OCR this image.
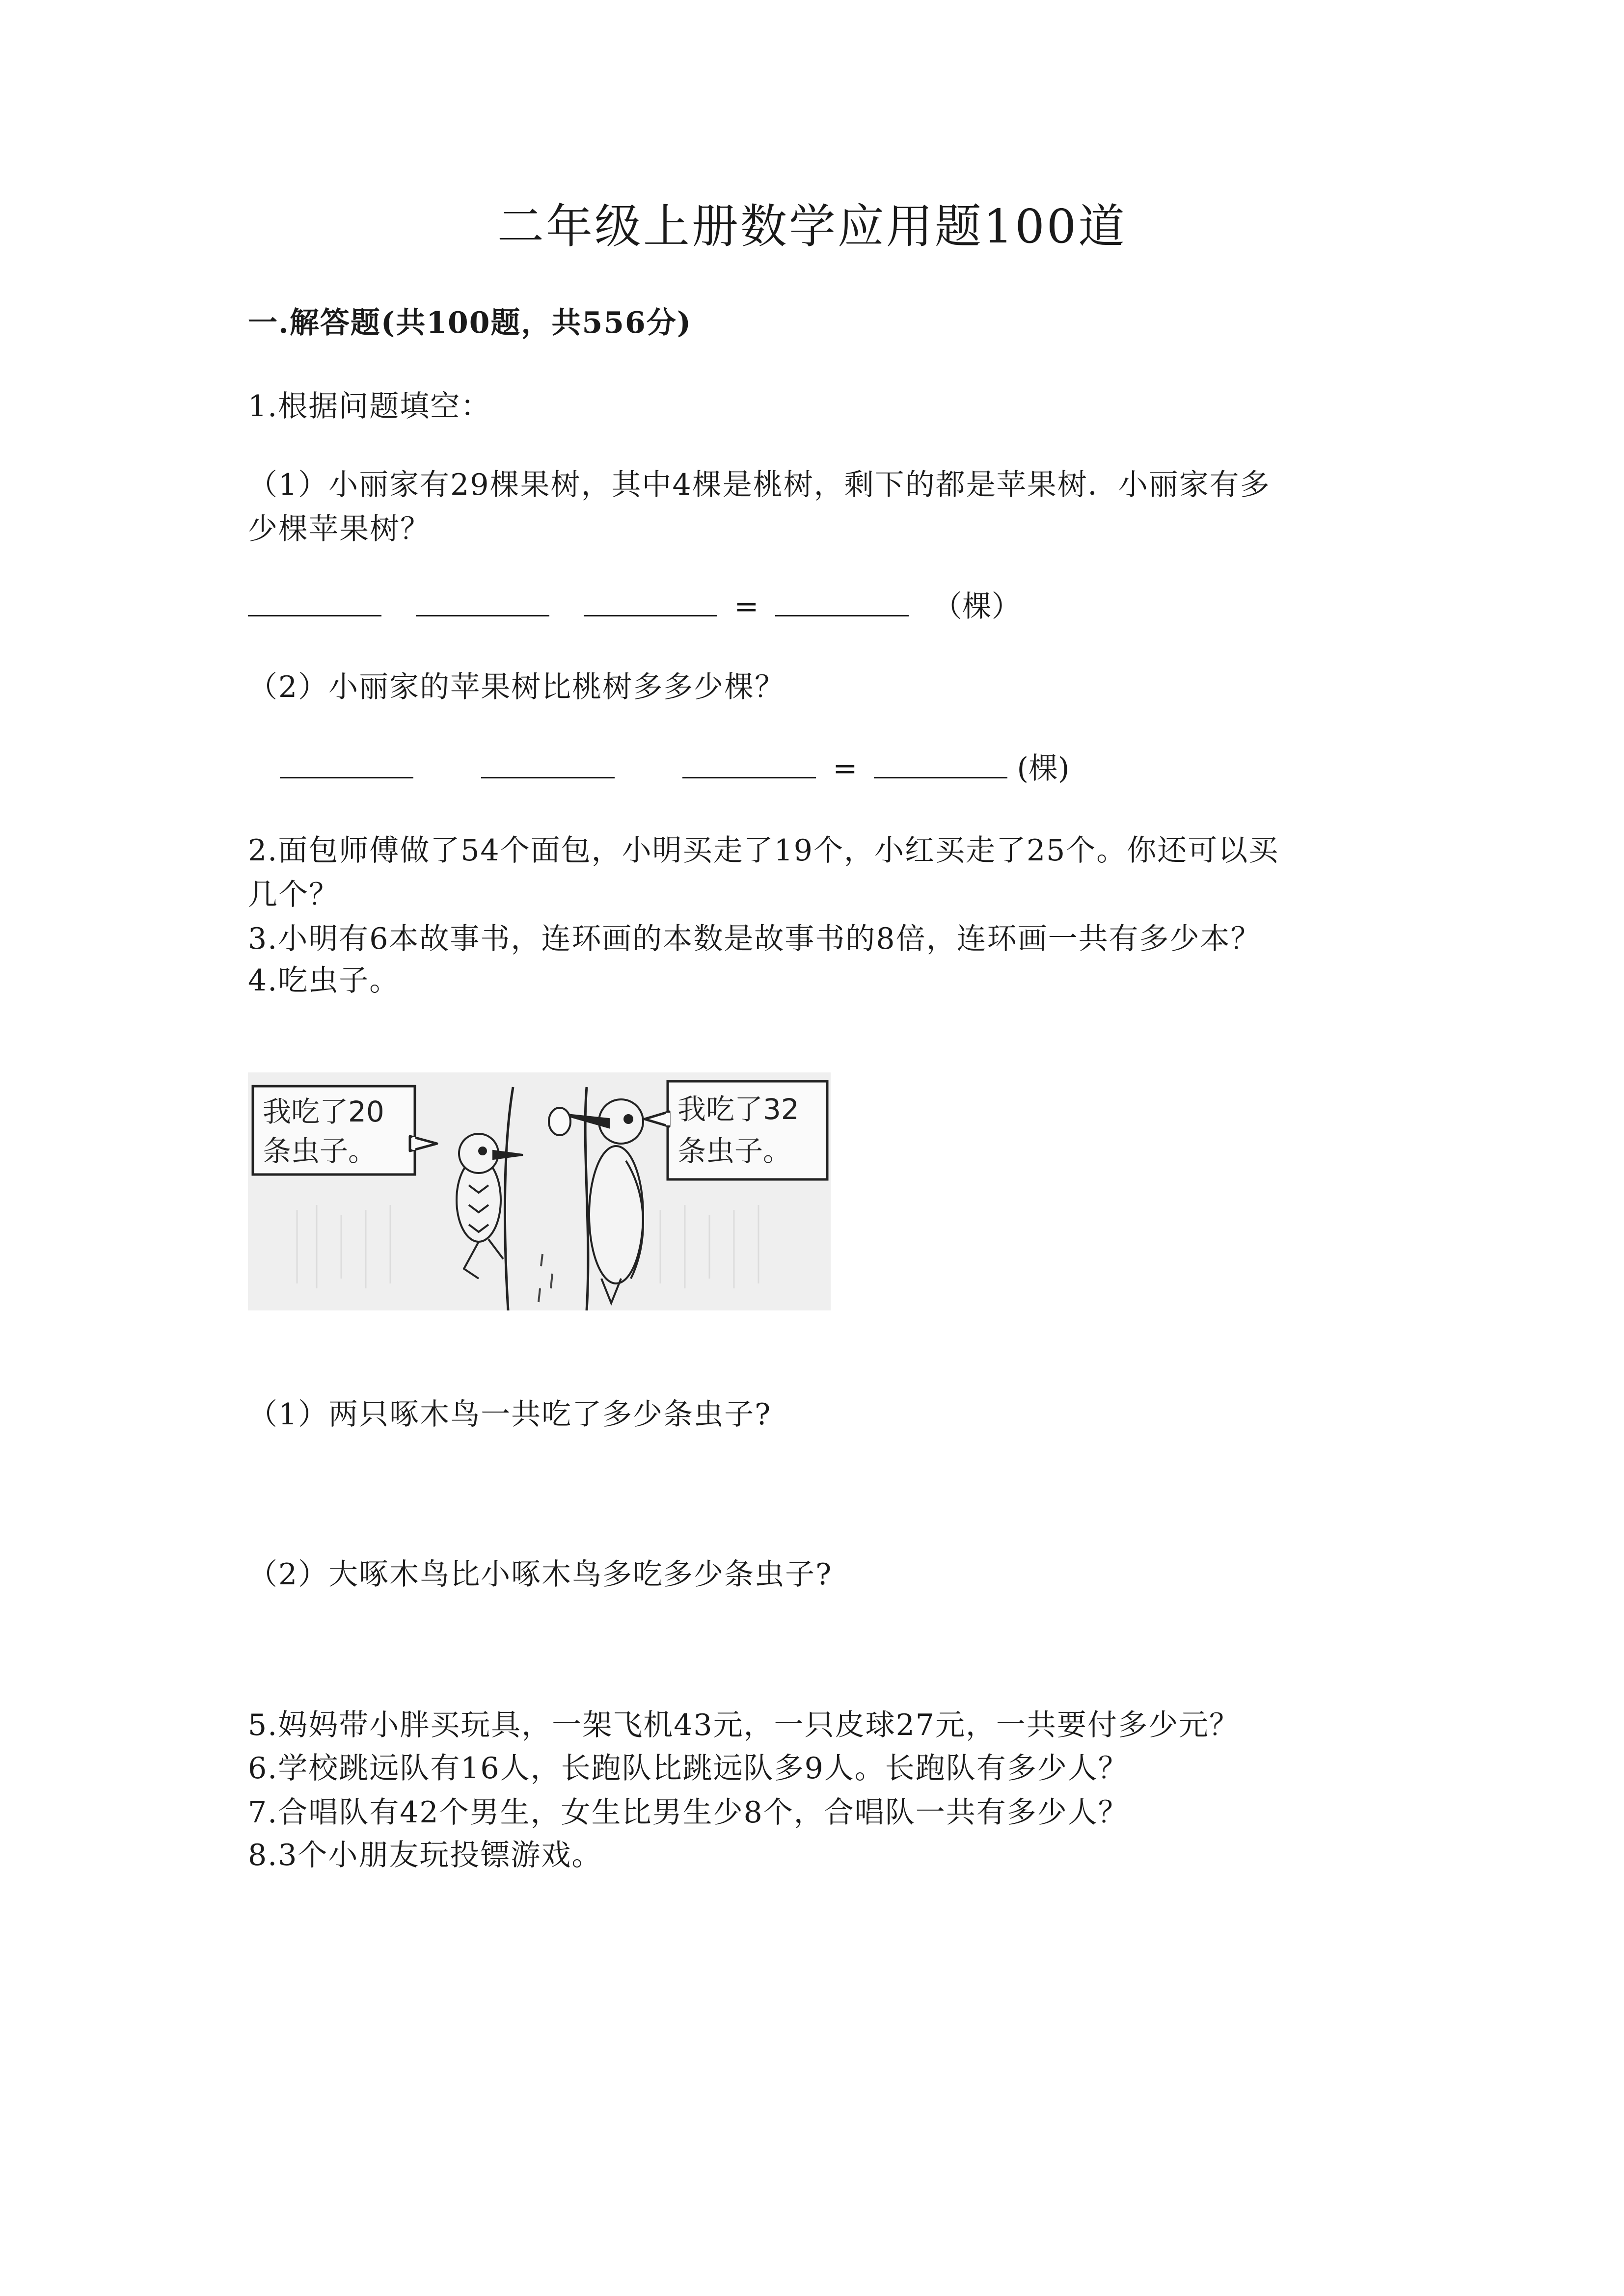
二年级上册数学应用题100道
一.解答题(共100题，共556分)
1.根据问题填空：
（1）小丽家有29棵果树，其中4棵是桃树，剩下的都是苹果树．小丽家有多
少棵苹果树？
=	（棵）
（2）小丽家的苹果树比桃树多多少棵？
=	(棵)
2.面包师傅做了54个面包，小明买走了19个，小红买走了25个。你还可以买
几个？
3.小明有6本故事书，连环画的本数是故事书的8倍，连环画一共有多少本？
4.吃虫子。
我吃了20
条虫子。
我吃了32
条虫子。
（1）两只啄木鸟一共吃了多少条虫子?
（2）大啄木鸟比小啄木鸟多吃多少条虫子?
5.妈妈带小胖买玩具，一架飞机43元，一只皮球27元，一共要付多少元？
6.学校跳远队有16人，长跑队比跳远队多9人。长跑队有多少人？
7.合唱队有42个男生，女生比男生少8个，合唱队一共有多少人？
8.3个小朋友玩投镖游戏。
